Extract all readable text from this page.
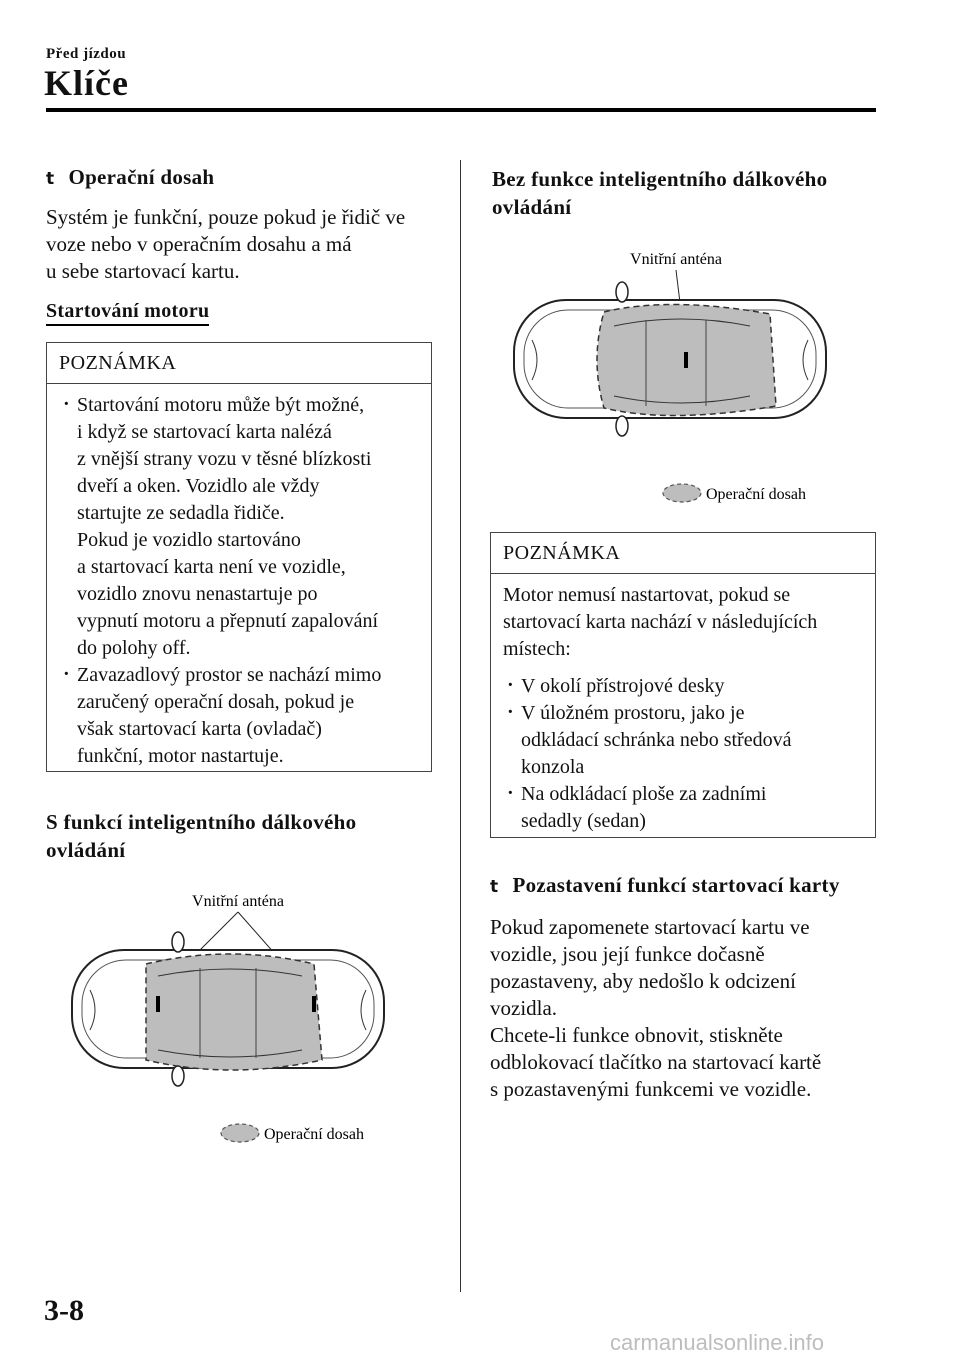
Před jízdou
Klíče
t Operační dosah
Systém je funkční, pouze pokud je řidič ve
voze nebo v operačním dosahu a má
u sebe startovací kartu.
Startování motoru
POZNÁMKA
· Startování motoru může být možné,
i když se startovací karta nalézá
z vnější strany vozu v těsné blízkosti
dveří a oken. Vozidlo ale vždy
startujte ze sedadla řidiče.
Pokud je vozidlo startováno
a startovací karta není ve vozidle,
vozidlo znovu nenastartuje po
vypnutí motoru a přepnutí zapalování
do polohy off.
· Zavazadlový prostor se nachází mimo
zaručený operační dosah, pokud je
však startovací karta (ovladač)
funkční, motor nastartuje.
S funkcí inteligentního dálkového
ovládání
Vnitřní anténa
Operační dosah
Bez funkce inteligentního dálkového
ovládání
Vnitřní anténa
Operační dosah
POZNÁMKA
Motor nemusí nastartovat, pokud se
startovací karta nachází v následujících
místech:
· V okolí přístrojové desky
· V úložném prostoru, jako je
odkládací schránka nebo středová
konzola
· Na odkládací ploše za zadními
sedadly (sedan)
t Pozastavení funkcí startovací karty
Pokud zapomenete startovací kartu ve
vozidle, jsou její funkce dočasně
pozastaveny, aby nedošlo k odcizení
vozidla.
Chcete-li funkce obnovit, stiskněte
odblokovací tlačítko na startovací kartě
s pozastavenými funkcemi ve vozidle.
3-8
carmanualsonline.info
